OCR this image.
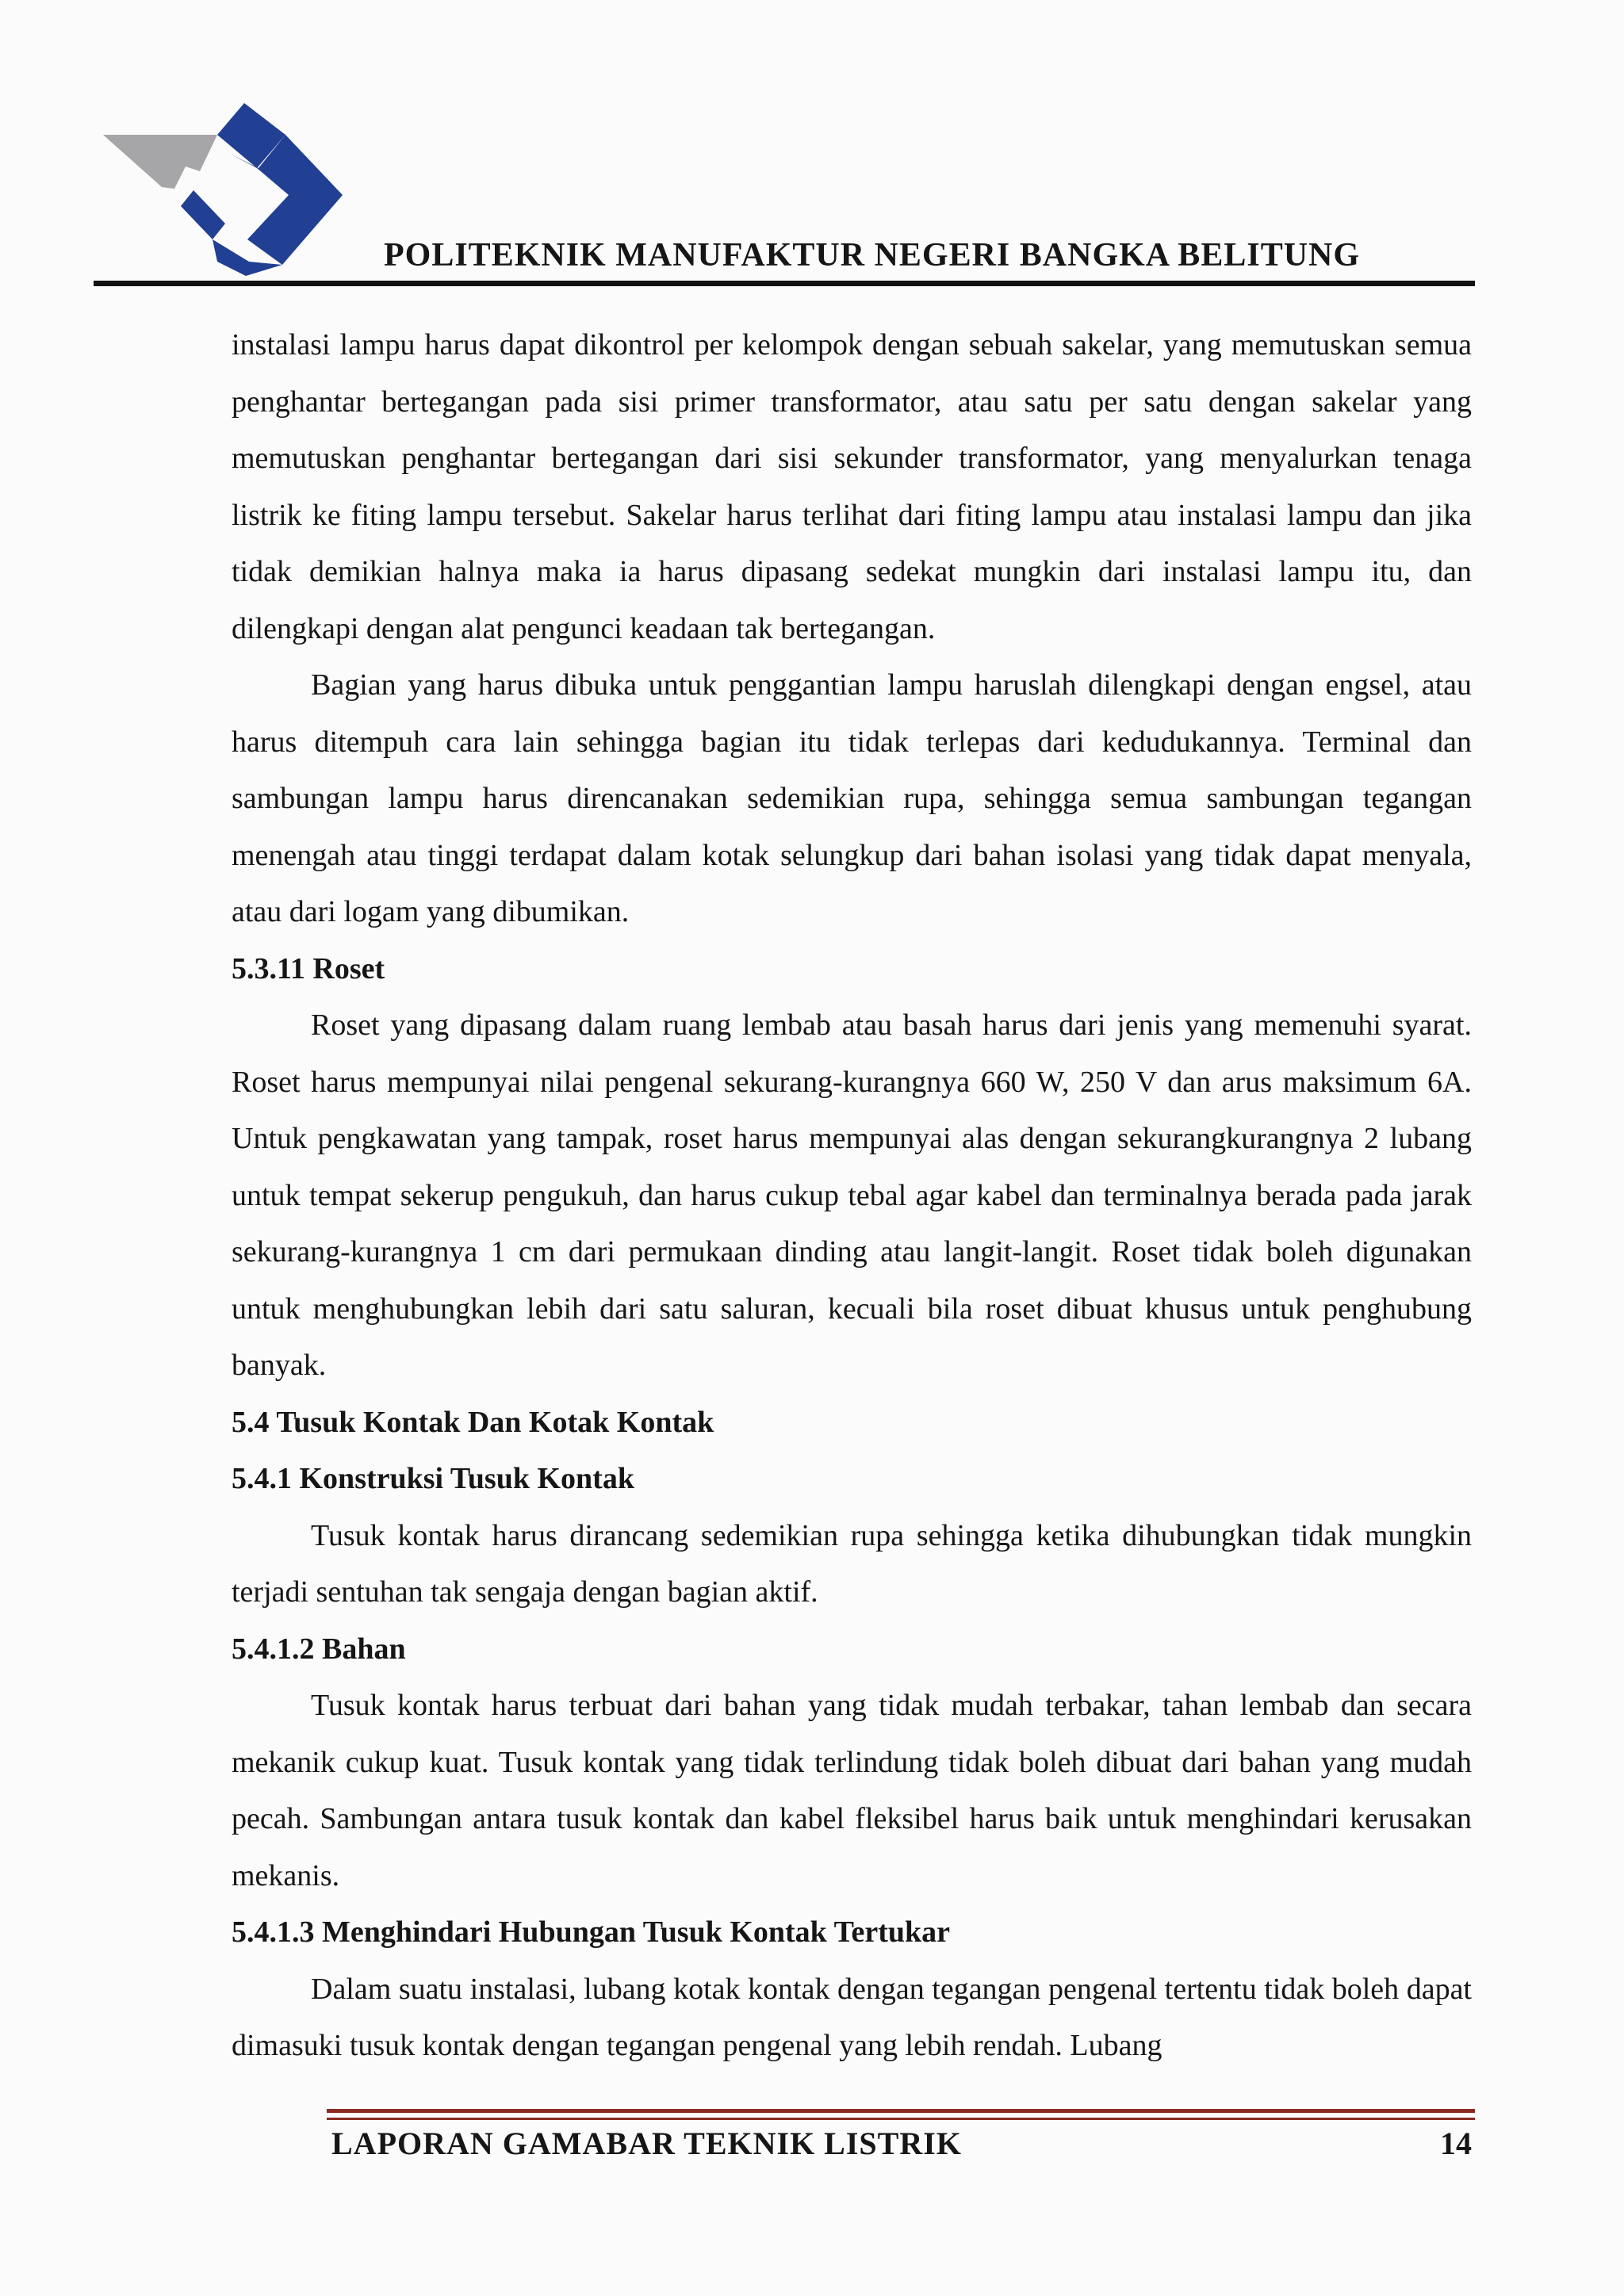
POLITEKNIK MANUFAKTUR NEGERI BANGKA BELITUNG

instalasi lampu harus dapat dikontrol per kelompok dengan sebuah sakelar, yang memutuskan semua penghantar bertegangan pada sisi primer transformator, atau satu per satu dengan sakelar yang memutuskan penghantar bertegangan dari sisi sekunder transformator, yang menyalurkan tenaga listrik ke fiting lampu tersebut. Sakelar harus terlihat dari fiting lampu atau instalasi lampu dan jika tidak demikian halnya maka ia harus dipasang sedekat mungkin dari instalasi lampu itu, dan dilengkapi dengan alat pengunci keadaan tak bertegangan.

Bagian yang harus dibuka untuk penggantian lampu haruslah dilengkapi dengan engsel, atau harus ditempuh cara lain sehingga bagian itu tidak terlepas dari kedudukannya. Terminal dan sambungan lampu harus direncanakan sedemikian rupa, sehingga semua sambungan tegangan menengah atau tinggi terdapat dalam kotak selungkup dari bahan isolasi yang tidak dapat menyala, atau dari logam yang dibumikan.

5.3.11 Roset

Roset yang dipasang dalam ruang lembab atau basah harus dari jenis yang memenuhi syarat. Roset harus mempunyai nilai pengenal sekurang-kurangnya 660 W, 250 V dan arus maksimum 6A. Untuk pengkawatan yang tampak, roset harus mempunyai alas dengan sekurangkurangnya 2 lubang untuk tempat sekerup pengukuh, dan harus cukup tebal agar kabel dan terminalnya berada pada jarak sekurang-kurangnya 1 cm dari permukaan dinding atau langit-langit. Roset tidak boleh digunakan untuk menghubungkan lebih dari satu saluran, kecuali bila roset dibuat khusus untuk penghubung banyak.

5.4 Tusuk Kontak Dan Kotak Kontak
5.4.1 Konstruksi Tusuk Kontak

Tusuk kontak harus dirancang sedemikian rupa sehingga ketika dihubungkan tidak mungkin terjadi sentuhan tak sengaja dengan bagian aktif.

5.4.1.2 Bahan

Tusuk kontak harus terbuat dari bahan yang tidak mudah terbakar, tahan lembab dan secara mekanik cukup kuat. Tusuk kontak yang tidak terlindung tidak boleh dibuat dari bahan yang mudah pecah. Sambungan antara tusuk kontak dan kabel fleksibel harus baik untuk menghindari kerusakan mekanis.

5.4.1.3 Menghindari Hubungan Tusuk Kontak Tertukar

Dalam suatu instalasi, lubang kotak kontak dengan tegangan pengenal tertentu tidak boleh dapat dimasuki tusuk kontak dengan tegangan pengenal yang lebih rendah. Lubang

LAPORAN GAMABAR TEKNIK LISTRIK	14
